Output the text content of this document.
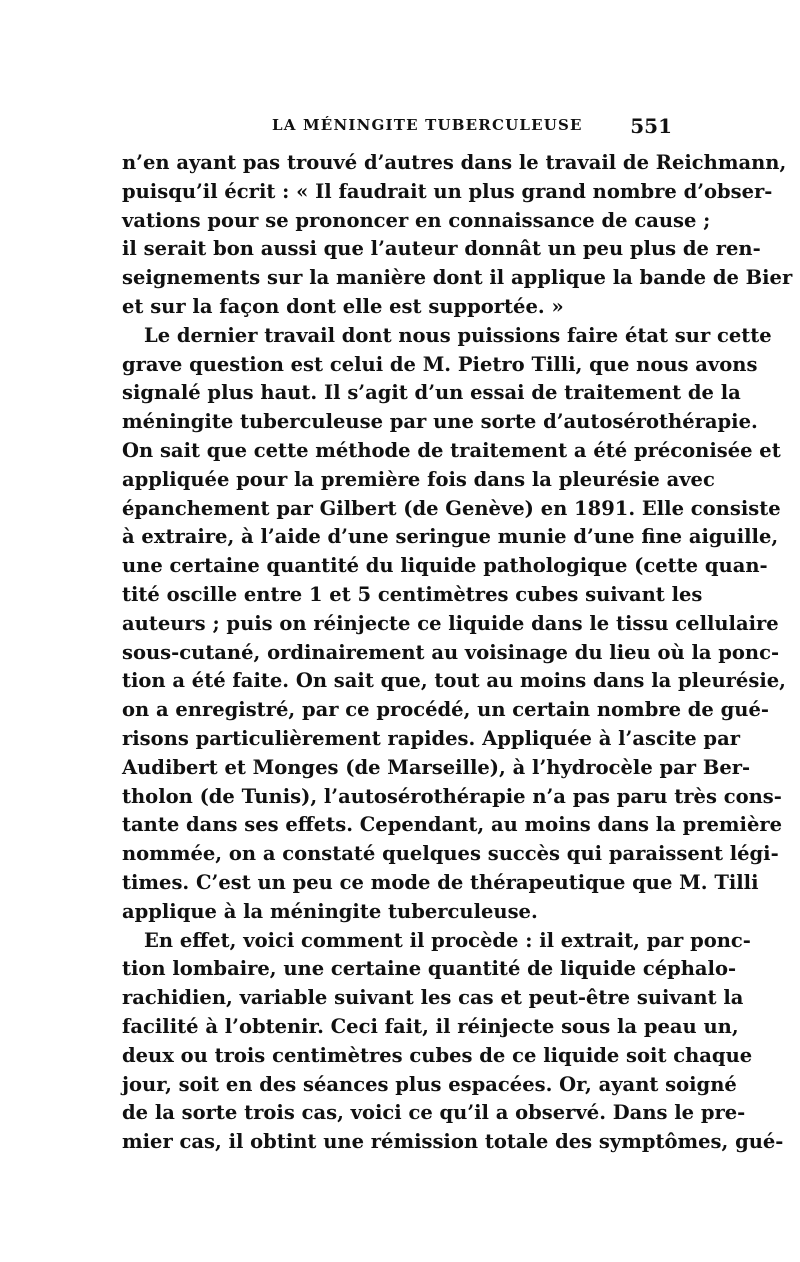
LA MÉNINGITE TUBERCULEUSE 551
n’en ayant pas trouvé d’autres dans le travail de Reichmann,
puisqu’il écrit : « Il faudrait un plus grand nombre d’obser-
vations pour se prononcer en connaissance de cause ;
il serait bon aussi que l’auteur donnât un peu plus de ren-
seignements sur la manière dont il applique la bande de Bier
et sur la façon dont elle est supportée. »
Le dernier travail dont nous puissions faire état sur cette
grave question est celui de M. Pietro Tilli, que nous avons
signalé plus haut. Il s’agit d’un essai de traitement de la
méningite tuberculeuse par une sorte d’autosérothérapie.
On sait que cette méthode de traitement a été préconisée et
appliquée pour la première fois dans la pleurésie avec
épanchement par Gilbert (de Genève) en 1891. Elle consiste
à extraire, à l’aide d’une seringue munie d’une fine aiguille,
une certaine quantité du liquide pathologique (cette quan-
tité oscille entre 1 et 5 centimètres cubes suivant les
auteurs ; puis on réinjecte ce liquide dans le tissu cellulaire
sous-cutané, ordinairement au voisinage du lieu où la ponc-
tion a été faite. On sait que, tout au moins dans la pleurésie,
on a enregistré, par ce procédé, un certain nombre de gué-
risons particulièrement rapides. Appliquée à l’ascite par
Audibert et Monges (de Marseille), à l’hydrocèle par Ber-
tholon (de Tunis), l’autosérothérapie n’a pas paru très cons-
tante dans ses effets. Cependant, au moins dans la première
nommée, on a constaté quelques succès qui paraissent légi-
times. C’est un peu ce mode de thérapeutique que M. Tilli
applique à la méningite tuberculeuse.
En effet, voici comment il procède : il extrait, par ponc-
tion lombaire, une certaine quantité de liquide céphalo-
rachidien, variable suivant les cas et peut-être suivant la
facilité à l’obtenir. Ceci fait, il réinjecte sous la peau un,
deux ou trois centimètres cubes de ce liquide soit chaque
jour, soit en des séances plus espacées. Or, ayant soigné
de la sorte trois cas, voici ce qu’il a observé. Dans le pre-
mier cas, il obtint une rémission totale des symptômes, gué-
